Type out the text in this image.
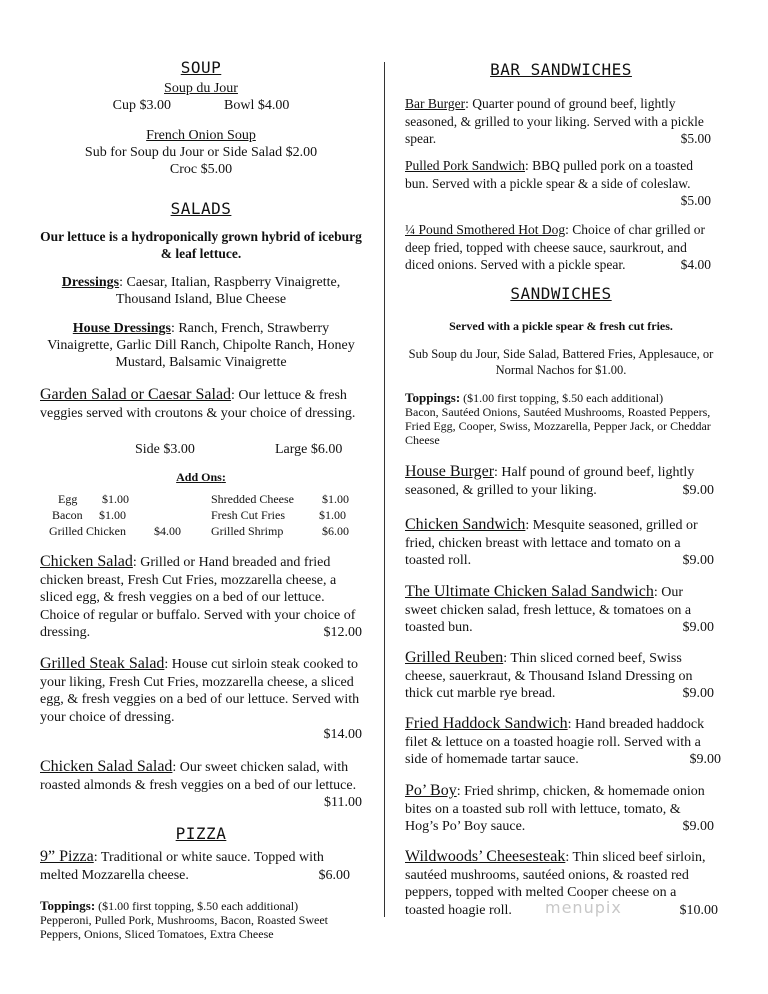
SOUP
Soup du Jour
Cup $3.00	Bowl $4.00
French Onion Soup
Sub for Soup du Jour or Side Salad $2.00
Croc $5.00
SALADS
Our lettuce is a hydroponically grown hybrid of iceburg & leaf lettuce.
Dressings: Caesar, Italian, Raspberry Vinaigrette, Thousand Island, Blue Cheese
House Dressings: Ranch, French, Strawberry Vinaigrette, Garlic Dill Ranch, Chipolte Ranch, Honey Mustard, Balsamic Vinaigrette
Garden Salad or Caesar Salad: Our lettuce & fresh veggies served with croutons & your choice of dressing.
Side $3.00	Large $6.00
Add Ons:
Egg $1.00	Shredded Cheese $1.00
Bacon $1.00	Fresh Cut Fries	$1.00
Grilled Chicken $4.00	Grilled Shrimp	$6.00
Chicken Salad: Grilled or Hand breaded and fried chicken breast, Fresh Cut Fries, mozzarella cheese, a sliced egg, & fresh veggies on a bed of our lettuce. Choice of regular or buffalo. Served with your choice of dressing.	$12.00
Grilled Steak Salad: House cut sirloin steak cooked to your liking, Fresh Cut Fries, mozzarella cheese, a sliced egg, & fresh veggies on a bed of our lettuce. Served with your choice of dressing.
$14.00
Chicken Salad Salad: Our sweet chicken salad, with roasted almonds & fresh veggies on a bed of our lettuce.
$11.00
PIZZA
9” Pizza: Traditional or white sauce. Topped with melted Mozzarella cheese.	$6.00
Toppings: ($1.00 first topping, $.50 each additional)
Pepperoni, Pulled Pork, Mushrooms, Bacon, Roasted Sweet Peppers, Onions, Sliced Tomatoes, Extra Cheese
BAR SANDWICHES
Bar Burger: Quarter pound of ground beef, lightly seasoned, & grilled to your liking. Served with a pickle spear.	$5.00
Pulled Pork Sandwich: BBQ pulled pork on a toasted bun. Served with a pickle spear & a side of coleslaw.
$5.00
¼ Pound Smothered Hot Dog: Choice of char grilled or deep fried, topped with cheese sauce, saurkrout, and diced onions. Served with a pickle spear.	$4.00
SANDWICHES
Served with a pickle spear & fresh cut fries.
Sub Soup du Jour, Side Salad, Battered Fries, Applesauce, or Normal Nachos for $1.00.
Toppings: ($1.00 first topping, $.50 each additional)
Bacon, Sautéed Onions, Sautéed Mushrooms, Roasted Peppers, Fried Egg, Cooper, Swiss, Mozzarella, Pepper Jack, or Cheddar Cheese
House Burger: Half pound of ground beef, lightly seasoned, & grilled to your liking.	$9.00
Chicken Sandwich: Mesquite seasoned, grilled or fried, chicken breast with lettace and tomato on a toasted roll.	$9.00
The Ultimate Chicken Salad Sandwich: Our sweet chicken salad, fresh lettuce, & tomatoes on a toasted bun.	$9.00
Grilled Reuben: Thin sliced corned beef, Swiss cheese, sauerkraut, & Thousand Island Dressing on thick cut marble rye bread.	$9.00
Fried Haddock Sandwich: Hand breaded haddock filet & lettuce on a toasted hoagie roll. Served with a side of homemade tartar sauce.	$9.00
Po’ Boy: Fried shrimp, chicken, & homemade onion bites on a toasted sub roll with lettuce, tomato, & Hog’s Po’ Boy sauce.	$9.00
Wildwoods’ Cheesesteak: Thin sliced beef sirloin, sautéed mushrooms, sautéed onions, & roasted red peppers, topped with melted Cooper cheese on a toasted hoagie roll.	$10.00
menupix
